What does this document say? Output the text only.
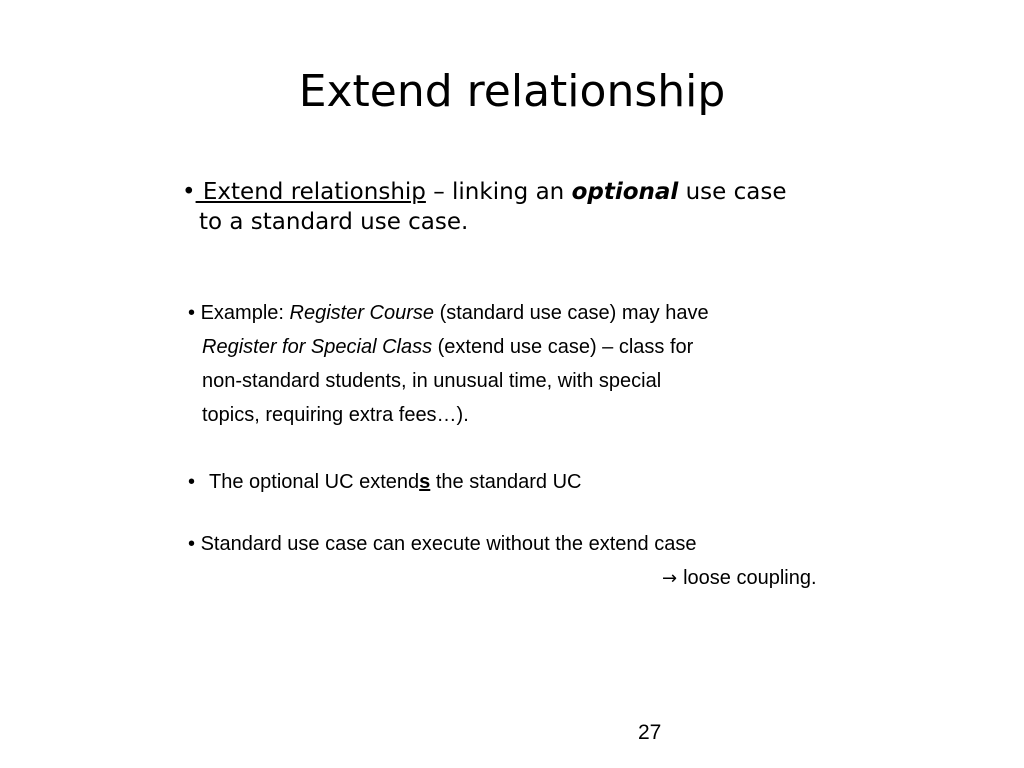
Extend relationship
• Extend relationship – linking an optional use case
to a standard use case.
• Example: Register Course (standard use case) may have
Register for Special Class (extend use case) – class for
non-standard students, in unusual time, with special
topics, requiring extra fees…).
• The optional UC extends the standard UC
• Standard use case can execute without the extend case
→ loose coupling.
27
